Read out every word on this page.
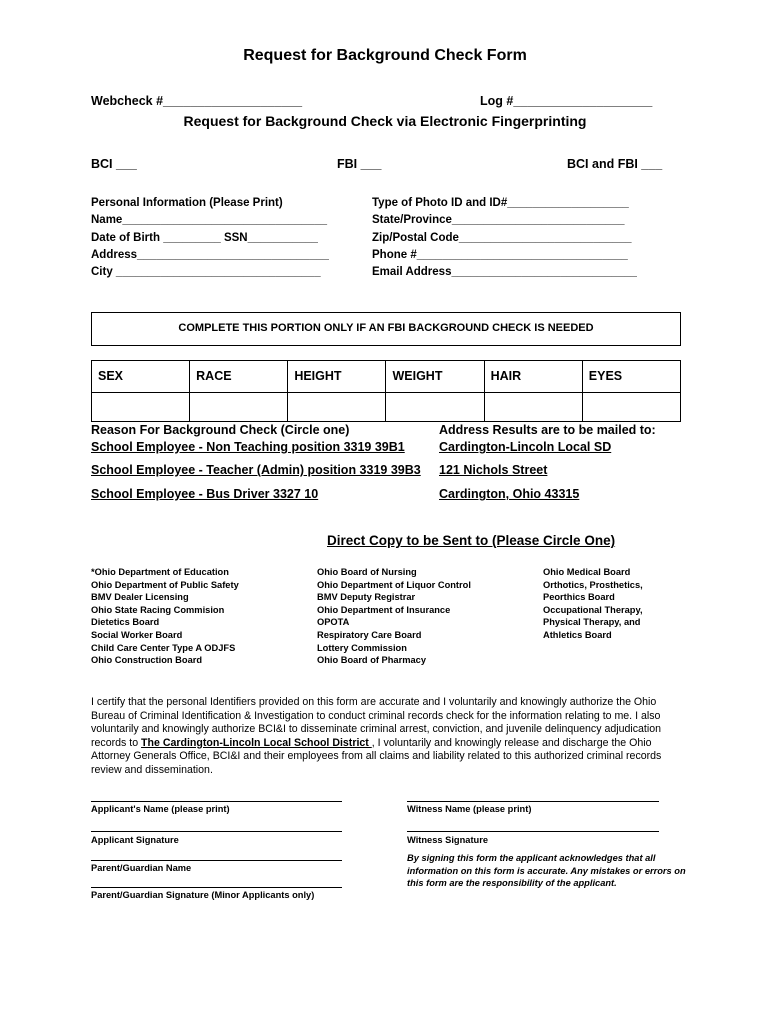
Request for Background Check Form
Webcheck #____________________	Log #____________________
Request for Background Check via Electronic Fingerprinting
BCI ___	FBI ___	BCI and FBI ___
Personal Information (Please Print)
Name________________________________
Date of Birth _________ SSN___________
Address______________________________
City ________________________________
Type of Photo ID and ID#___________________
State/Province___________________________
Zip/Postal Code___________________________
Phone #_________________________________
Email Address_____________________________
COMPLETE THIS PORTION ONLY IF AN FBI BACKGROUND CHECK IS NEEDED
SEX	RACE	HEIGHT	WEIGHT	HAIR	EYES

Reason For Background Check (Circle one)
School Employee - Non Teaching position 3319 39B1
School Employee - Teacher (Admin) position 3319 39B3
School Employee - Bus Driver 3327 10
Address Results are to be mailed to:
Cardington-Lincoln Local SD
121 Nichols Street
Cardington, Ohio 43315
Direct Copy to be Sent to (Please Circle One)
*Ohio Department of Education
Ohio Department of Public Safety
BMV Dealer Licensing
Ohio State Racing Commision
Dietetics Board
Social Worker Board
Child Care Center Type A ODJFS
Ohio Construction Board
Ohio Board of Nursing
Ohio Department of Liquor Control
BMV Deputy Registrar
Ohio Department of Insurance
OPOTA
Respiratory Care Board
Lottery Commission
Ohio Board of Pharmacy
Ohio Medical Board
Orthotics, Prosthetics,
Peorthics Board
Occupational Therapy,
Physical Therapy, and
Athletics Board
I certify that the personal Identifiers provided on this form are accurate and I voluntarily and knowingly authorize the Ohio Bureau of Criminal Identification & Investigation to conduct criminal records check for the information relating to me. I also voluntarily and knowingly authorize BCI&I to disseminate criminal arrest, conviction, and juvenile delinquency adjudication records to The Cardington-Lincoln Local School District , I voluntarily and knowingly release and discharge the Ohio Attorney Generals Office, BCI&I and their employees from all claims and liability related to this authorized criminal records review and dissemination.
Applicant's Name (please print)
Applicant Signature
Parent/Guardian Name
Parent/Guardian Signature (Minor Applicants only)
Witness Name (please print)
Witness Signature
By signing this form the applicant acknowledges that all information on this form is accurate. Any mistakes or errors on this form are the responsibility of the applicant.
